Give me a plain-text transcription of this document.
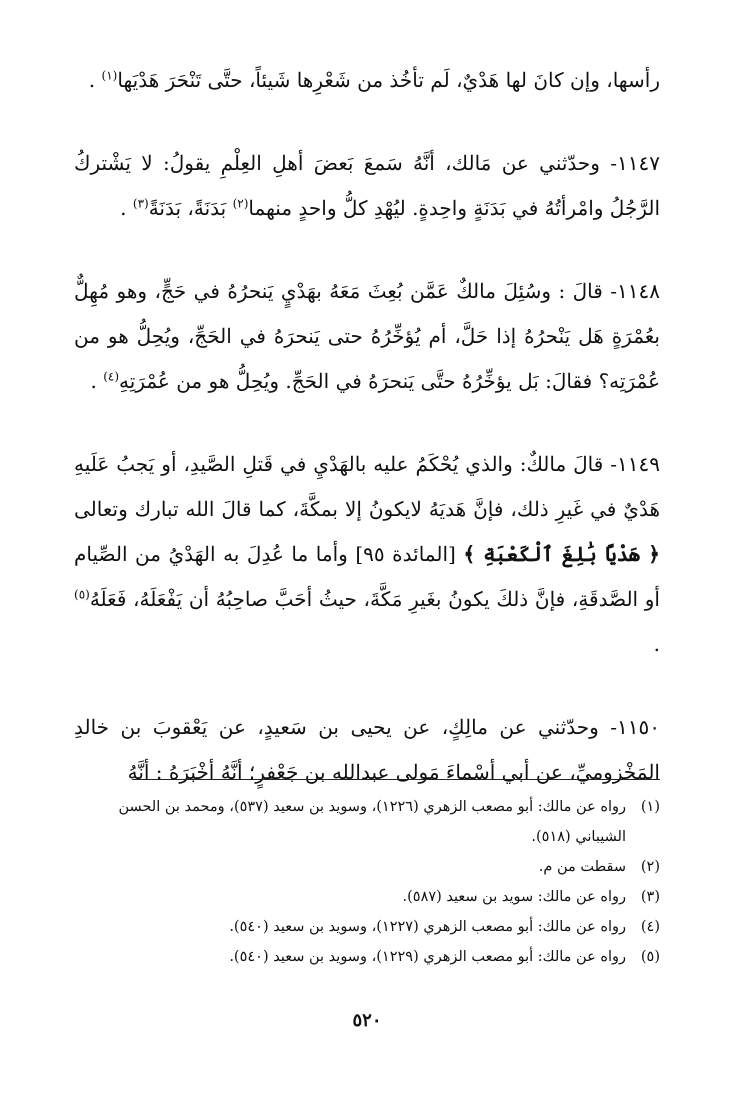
رأسها، وإن كانَ لها هَدْيٌ، لَم تأخُذ من شَعْرِها شَيئاً، حتَّى تَنْحَرَ هَدْيَها$^{(١)}$ .

١١٤٧- وحدّثني عن مَالك، أنَّهُ سَمعَ بَعضَ أهلِ العِلْمِ يقولُ: لا يَشْتركُ الرَّجُلُ وامْرأتُهُ في بَدَنَةٍ واحِدةٍ. ليُهْدِ كلُّ واحدٍ منهما$^{(٢)}$ بَدَنَةً، بَدَنَةً$^{(٣)}$ .

١١٤٨- قالَ : وسُئِلَ مالكٌ عَمَّن بُعِثَ مَعَهُ بهَدْيٍ يَنحرُهُ في حَجٍّ، وهو مُهِلٌّ بعُمْرَةٍ هَل يَنْحرُهُ إذا حَلَّ، أم يُؤخِّرُهُ حتى يَنحرَهُ في الحَجِّ، ويُحِلُّ هو من عُمْرَتِه؟ فقالَ: بَل يؤخِّرُهُ حتَّى يَنحرَهُ في الحَجِّ. ويُحِلُّ هو من عُمْرَتِهِ$^{(٤)}$ .

١١٤٩- قالَ مالكٌ: والذي يُحْكَمُ عليه بالهَدْيِ في قَتلِ الصَّيدِ، أو يَجبُ عَلَيهِ هَدْيٌ في غَيرِ ذلك، فإنَّ هَديَهُ لايكونُ إلا بمكَّةَ، كما قالَ الله تبارك وتعالى ﴿ هَدْيًا بَٰلِغَ ٱلْكَعْبَةِ ﴾ [المائدة ٩٥] وأما ما عُدِلَ به الهَدْيُ من الصِّيام أو الصَّدقَةِ، فإنَّ ذلكَ يكونُ بغَيرِ مَكَّةَ، حيثُ أحَبَّ صاحِبُهُ أن يَفْعَلَهُ، فَعَلَهُ$^{(٥)}$ .

١١٥٠- وحدّثني عن مالِكٍ، عن يحيى بن سَعيدٍ، عن يَعْقوبَ بن خالدِ المَخْزوميِّ، عن أبي أسْماءَ مَولى عبدالله بن جَعْفرٍ؛ أنَّهُ أخْبَرَهُ : أنَّهُ

(١)
رواه عن مالك: أبو مصعب الزهري (١٢٢٦)، وسويد بن سعيد (٥٣٧)، ومحمد بن الحسن الشيباني (٥١٨).
(٢)
سقطت من م.
(٣)
رواه عن مالك: سويد بن سعيد (٥٨٧).
(٤)
رواه عن مالك: أبو مصعب الزهري (١٢٢٧)، وسويد بن سعيد (٥٤٠).
(٥)
رواه عن مالك: أبو مصعب الزهري (١٢٢٩)، وسويد بن سعيد (٥٤٠).
٥٢٠
